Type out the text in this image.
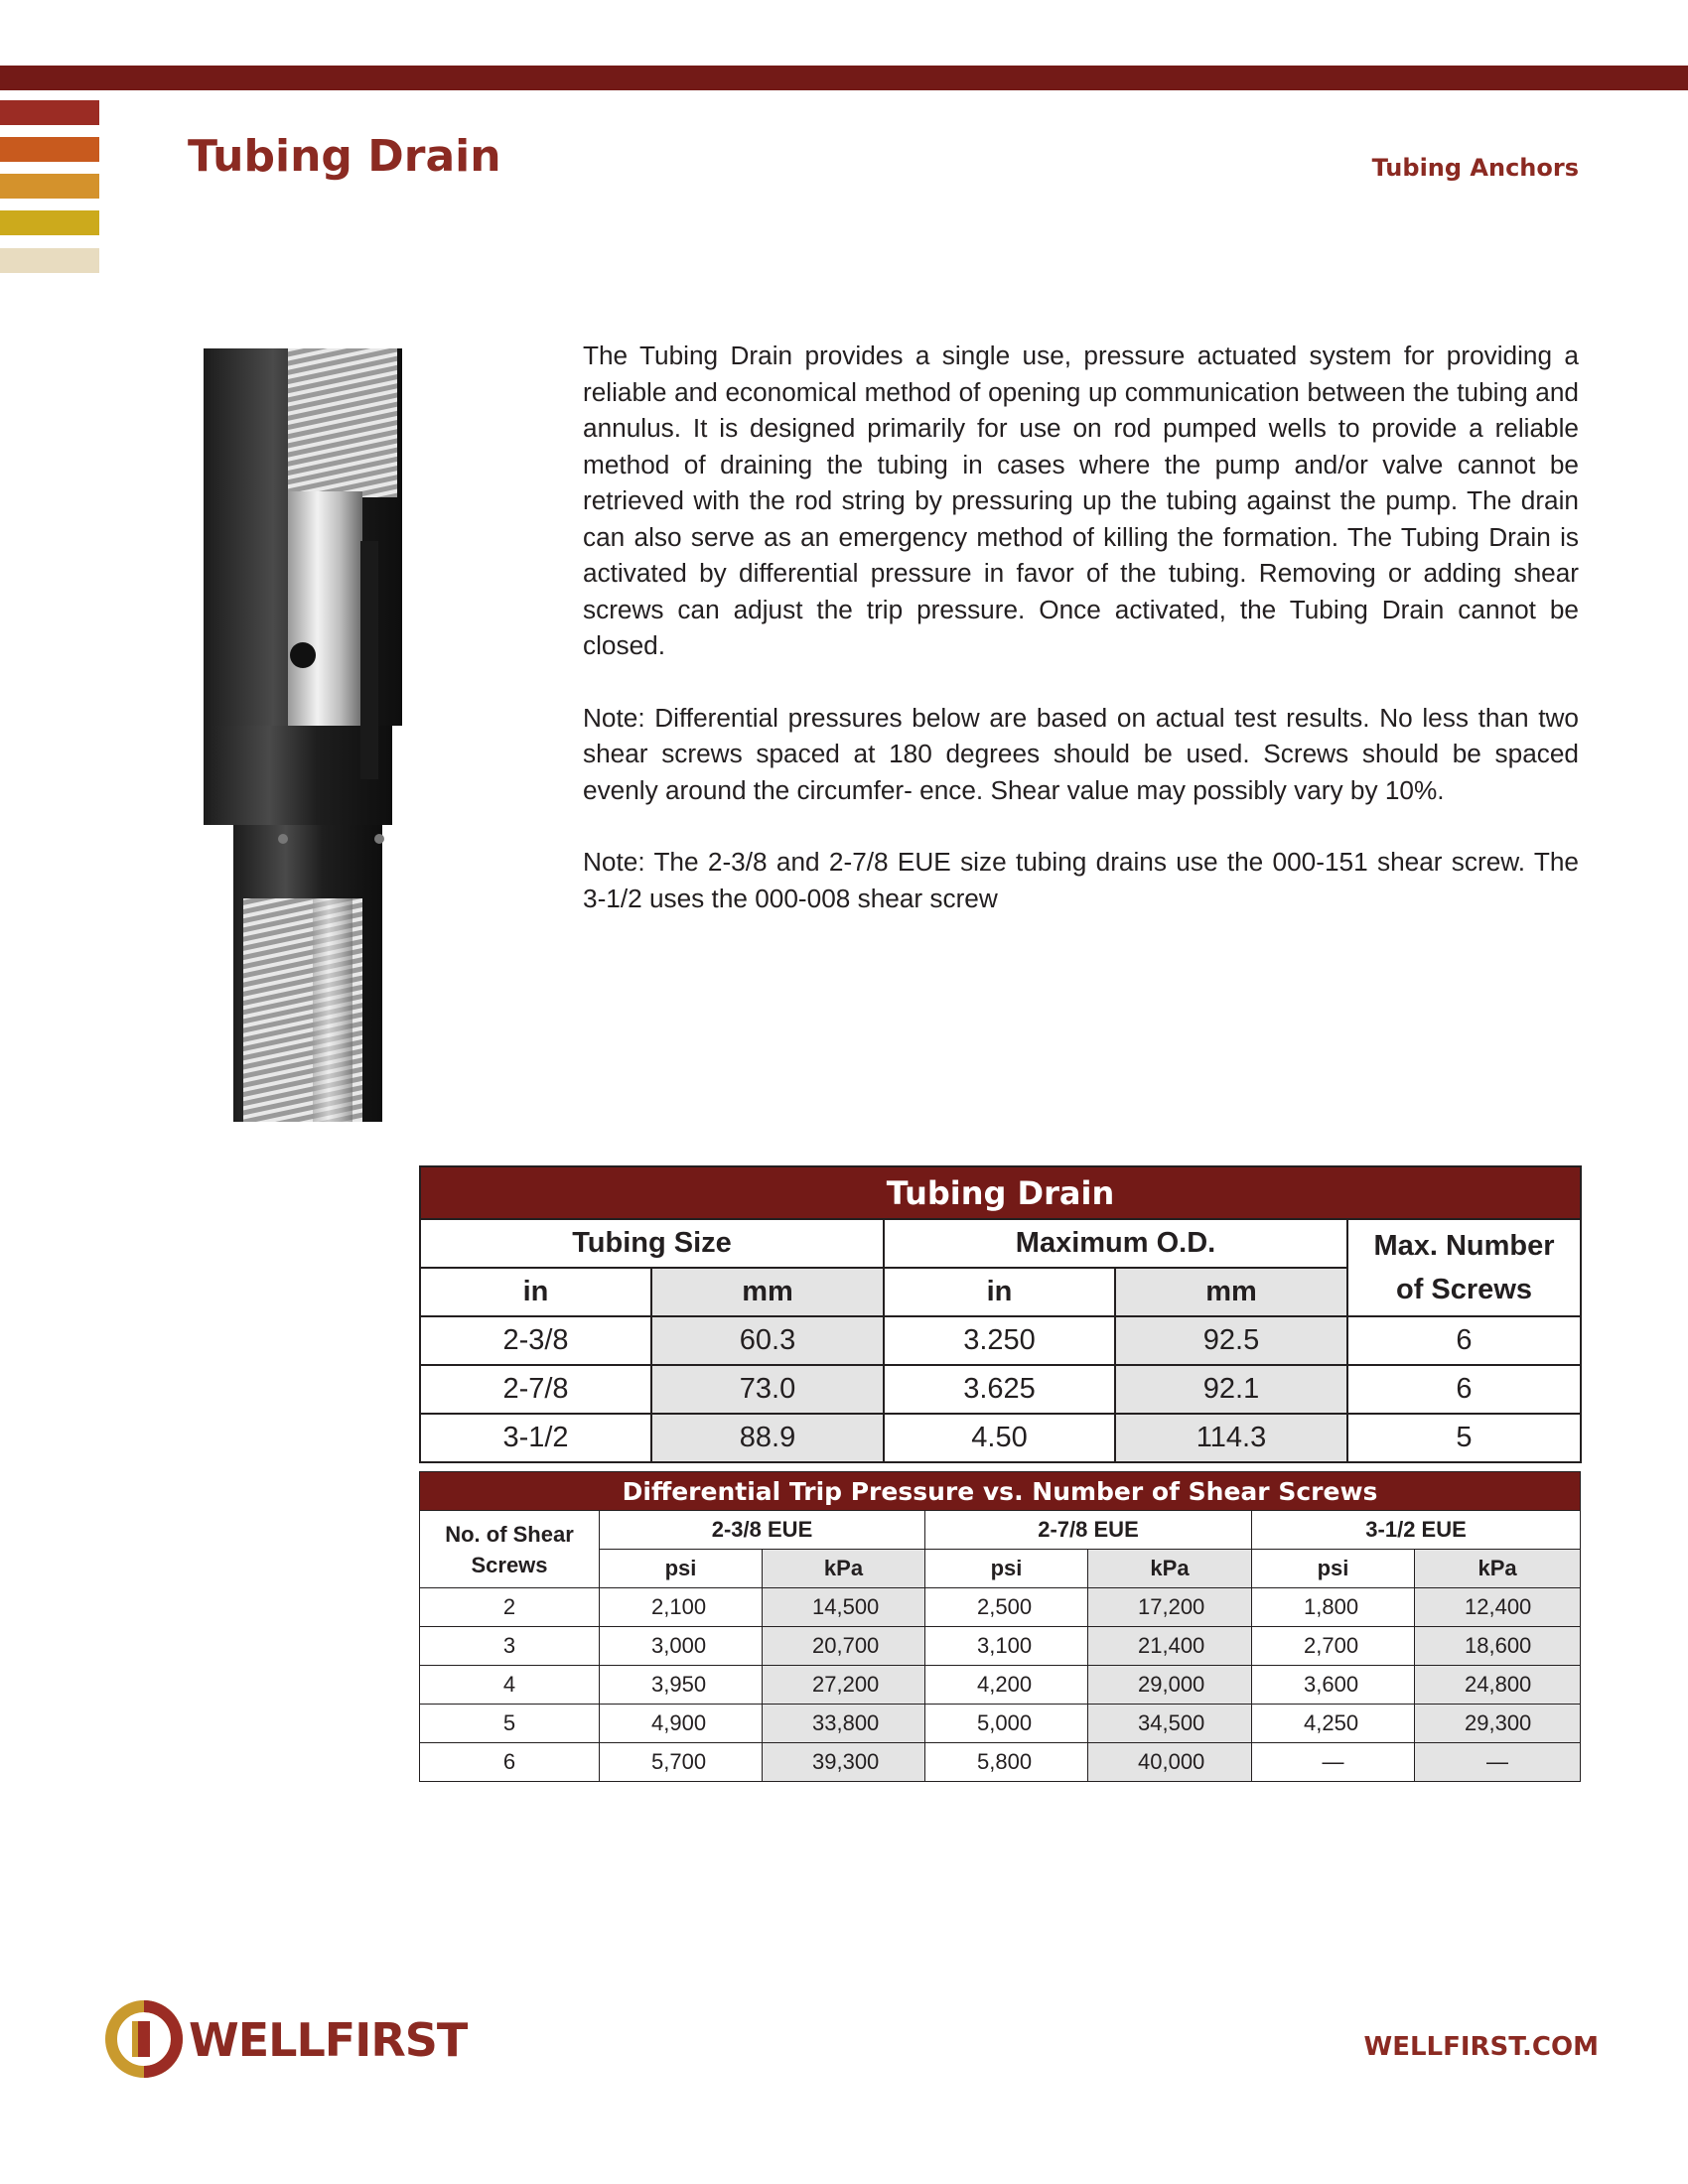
Tubing Drain	Tubing Anchors

The Tubing Drain provides a single use, pressure actuated system for providing a reliable and economical method of opening up communication between the tubing and annulus. It is designed primarily for use on rod pumped wells to provide a reliable method of draining the tubing in cases where the pump and/or valve cannot be retrieved with the rod string by pressuring up the tubing against the pump. The drain can also serve as an emergency method of killing the formation. The Tubing Drain is activated by differential pressure in favor of the tubing. Removing or adding shear screws can adjust the trip pressure. Once activated, the Tubing Drain cannot be closed.

Note: Differential pressures below are based on actual test results. No less than two shear screws spaced at 180 degrees should be used. Screws should be spaced evenly around the circumfer- ence. Shear value may possibly vary by 10%.

Note: The 2-3/8 and 2-7/8 EUE size tubing drains use the 000-151 shear screw. The 3-1/2 uses the 000-008 shear screw

Tubing Drain				
Tubing Size		Maximum O.D.		Max. Number of Screws
in	mm	in	mm	
2-3/8	60.3	3.250	92.5	6
2-7/8	73.0	3.625	92.1	6
3-1/2	88.9	4.50	114.3	5
Differential Trip Pressure vs. Number of Shear Screws						
No. of Shear Screws	2-3/8 EUE		2-7/8 EUE		3-1/2 EUE	
	psi	kPa	psi	kPa	psi	kPa
2	2,100	14,500	2,500	17,200	1,800	12,400
3	3,000	20,700	3,100	21,400	2,700	18,600
4	3,950	27,200	4,200	29,000	3,600	24,800
5	4,900	33,800	5,000	34,500	4,250	29,300
6	5,700	39,300	5,800	40,000	—	—
WELLFIRST	WELLFIRST.COM
